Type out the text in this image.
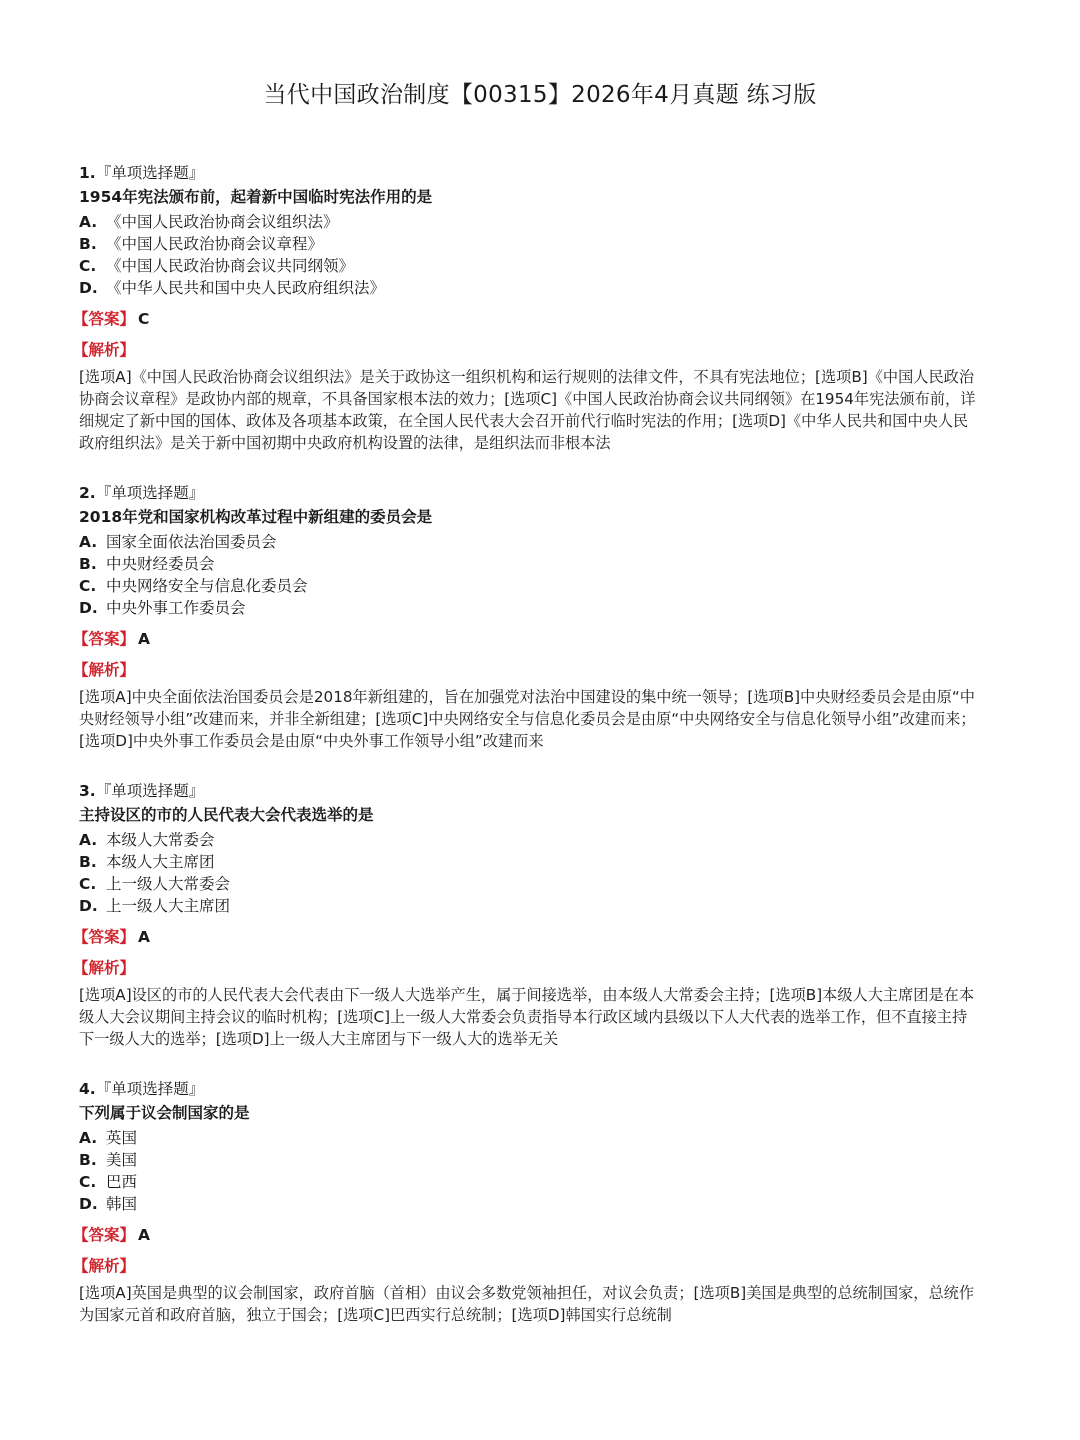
当代中国政治制度【00315】2026年4月真题 练习版
1.『单项选择题』
1954年宪法颁布前，起着新中国临时宪法作用的是
A. 《中国人民政治协商会议组织法》
B. 《中国人民政治协商会议章程》
C. 《中国人民政治协商会议共同纲领》
D. 《中华人民共和国中央人民政府组织法》
【答案】 C
【解析】
[选项A]《中国人民政治协商会议组织法》是关于政协这一组织机构和运行规则的法律文件，不具有宪法地位；[选项B]《中国人民政治协商会议章程》是政协内部的规章，不具备国家根本法的效力；[选项C]《中国人民政治协商会议共同纲领》在1954年宪法颁布前，详细规定了新中国的国体、政体及各项基本政策，在全国人民代表大会召开前代行临时宪法的作用；[选项D]《中华人民共和国中央人民政府组织法》是关于新中国初期中央政府机构设置的法律，是组织法而非根本法
2.『单项选择题』
2018年党和国家机构改革过程中新组建的委员会是
A. 国家全面依法治国委员会
B. 中央财经委员会
C. 中央网络安全与信息化委员会
D. 中央外事工作委员会
【答案】 A
【解析】
[选项A]中央全面依法治国委员会是2018年新组建的，旨在加强党对法治中国建设的集中统一领导；[选项B]中央财经委员会是由原“中央财经领导小组”改建而来，并非全新组建；[选项C]中央网络安全与信息化委员会是由原“中央网络安全与信息化领导小组”改建而来；[选项D]中央外事工作委员会是由原“中央外事工作领导小组”改建而来
3.『单项选择题』
主持设区的市的人民代表大会代表选举的是
A. 本级人大常委会
B. 本级人大主席团
C. 上一级人大常委会
D. 上一级人大主席团
【答案】 A
【解析】
[选项A]设区的市的人民代表大会代表由下一级人大选举产生，属于间接选举，由本级人大常委会主持；[选项B]本级人大主席团是在本级人大会议期间主持会议的临时机构；[选项C]上一级人大常委会负责指导本行政区域内县级以下人大代表的选举工作，但不直接主持下一级人大的选举；[选项D]上一级人大主席团与下一级人大的选举无关
4.『单项选择题』
下列属于议会制国家的是
A. 英国
B. 美国
C. 巴西
D. 韩国
【答案】 A
【解析】
[选项A]英国是典型的议会制国家，政府首脑（首相）由议会多数党领袖担任，对议会负责；[选项B]美国是典型的总统制国家，总统作为国家元首和政府首脑，独立于国会；[选项C]巴西实行总统制；[选项D]韩国实行总统制
